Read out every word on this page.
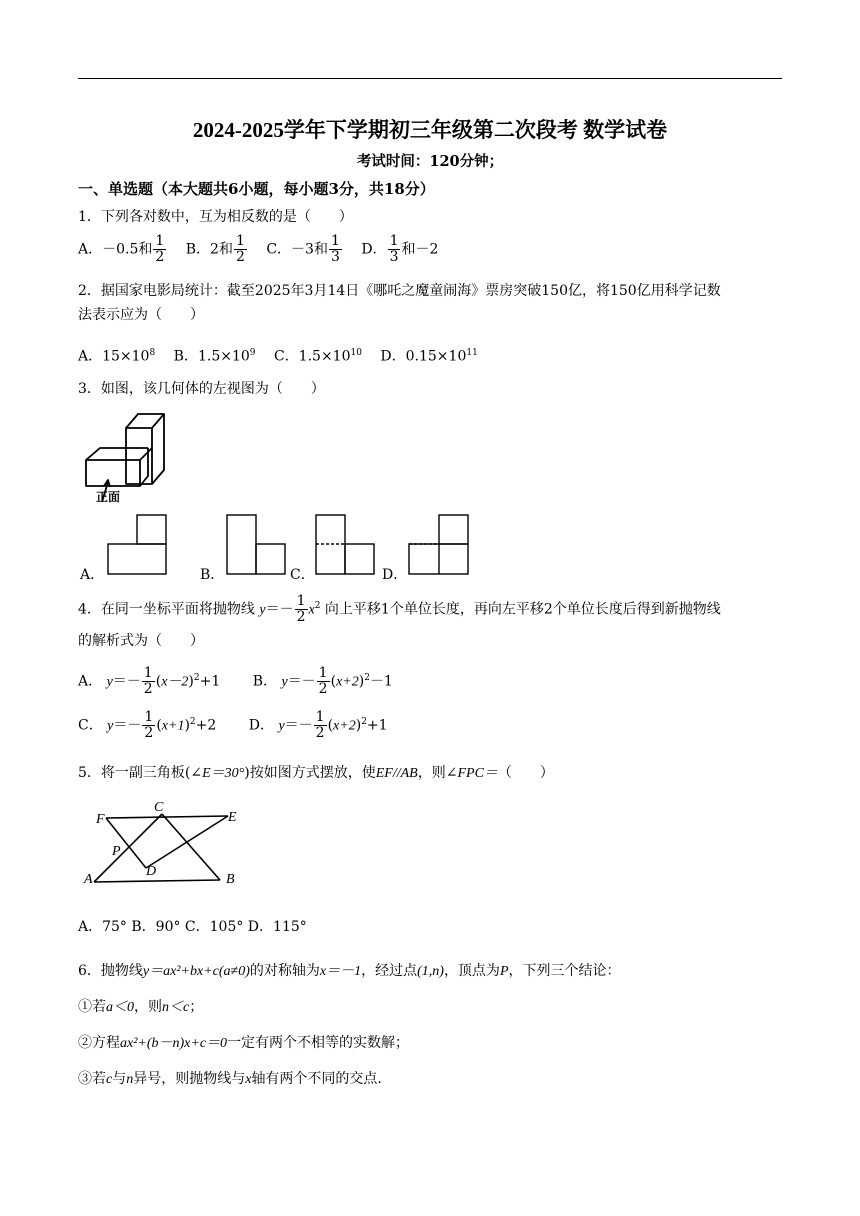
2024-2025学年下学期初三年级第二次段考 数学试卷
考试时间：120分钟；
一、单选题（本大题共6小题，每小题3分，共18分）
1．下列各对数中，互为相反数的是（　　）
A．－0.5和 $\frac{1}{2}$ B．2和 $\frac{1}{2}$ C．－3和 $\frac{1}{3}$ D． $\frac{1}{3}$ 和－2
2．据国家电影局统计：截至2025年3月14日《哪吒之魔童闹海》票房突破150亿，将150亿用科学记数
法表示应为（　　）
A．$15\times 10^8$ B．$1.5\times 10^9$ C．$1.5\times 10^{10}$ D．$0.15\times 10^{11}$
3．如图，该几何体的左视图为（　　）
正面
A．	B．	C．	D．
4．在同一坐标平面将抛物线 $y=- \frac{1}{2} x^2$ 向上平移1个单位长度，再向左平移2个单位长度后得到新抛物线
的解析式为（　　）
A． $y=- \frac{1}{2} (x-2)^2+1$ B． $y=- \frac{1}{2} (x+2)^2-1$
C． $y=- \frac{1}{2} (x+1)^2+2$ D． $y=- \frac{1}{2} (x+2)^2+1$
5．将一副三角板(∠E＝30°)按如图方式摆放，使EF//AB，则∠FPC＝（　　）
F
C
E
P
D
A	B
A．75° B．90° C．105° D．115°
6．抛物线y＝ax²+bx+c(a≠0)的对称轴为x＝－1，经过点(1,n)，顶点为P，下列三个结论：
①若a＜0，则n＜c；
②方程ax²+(b－n)x+c＝0一定有两个不相等的实数解；
③若c与n异号，则抛物线与x轴有两个不同的交点.
